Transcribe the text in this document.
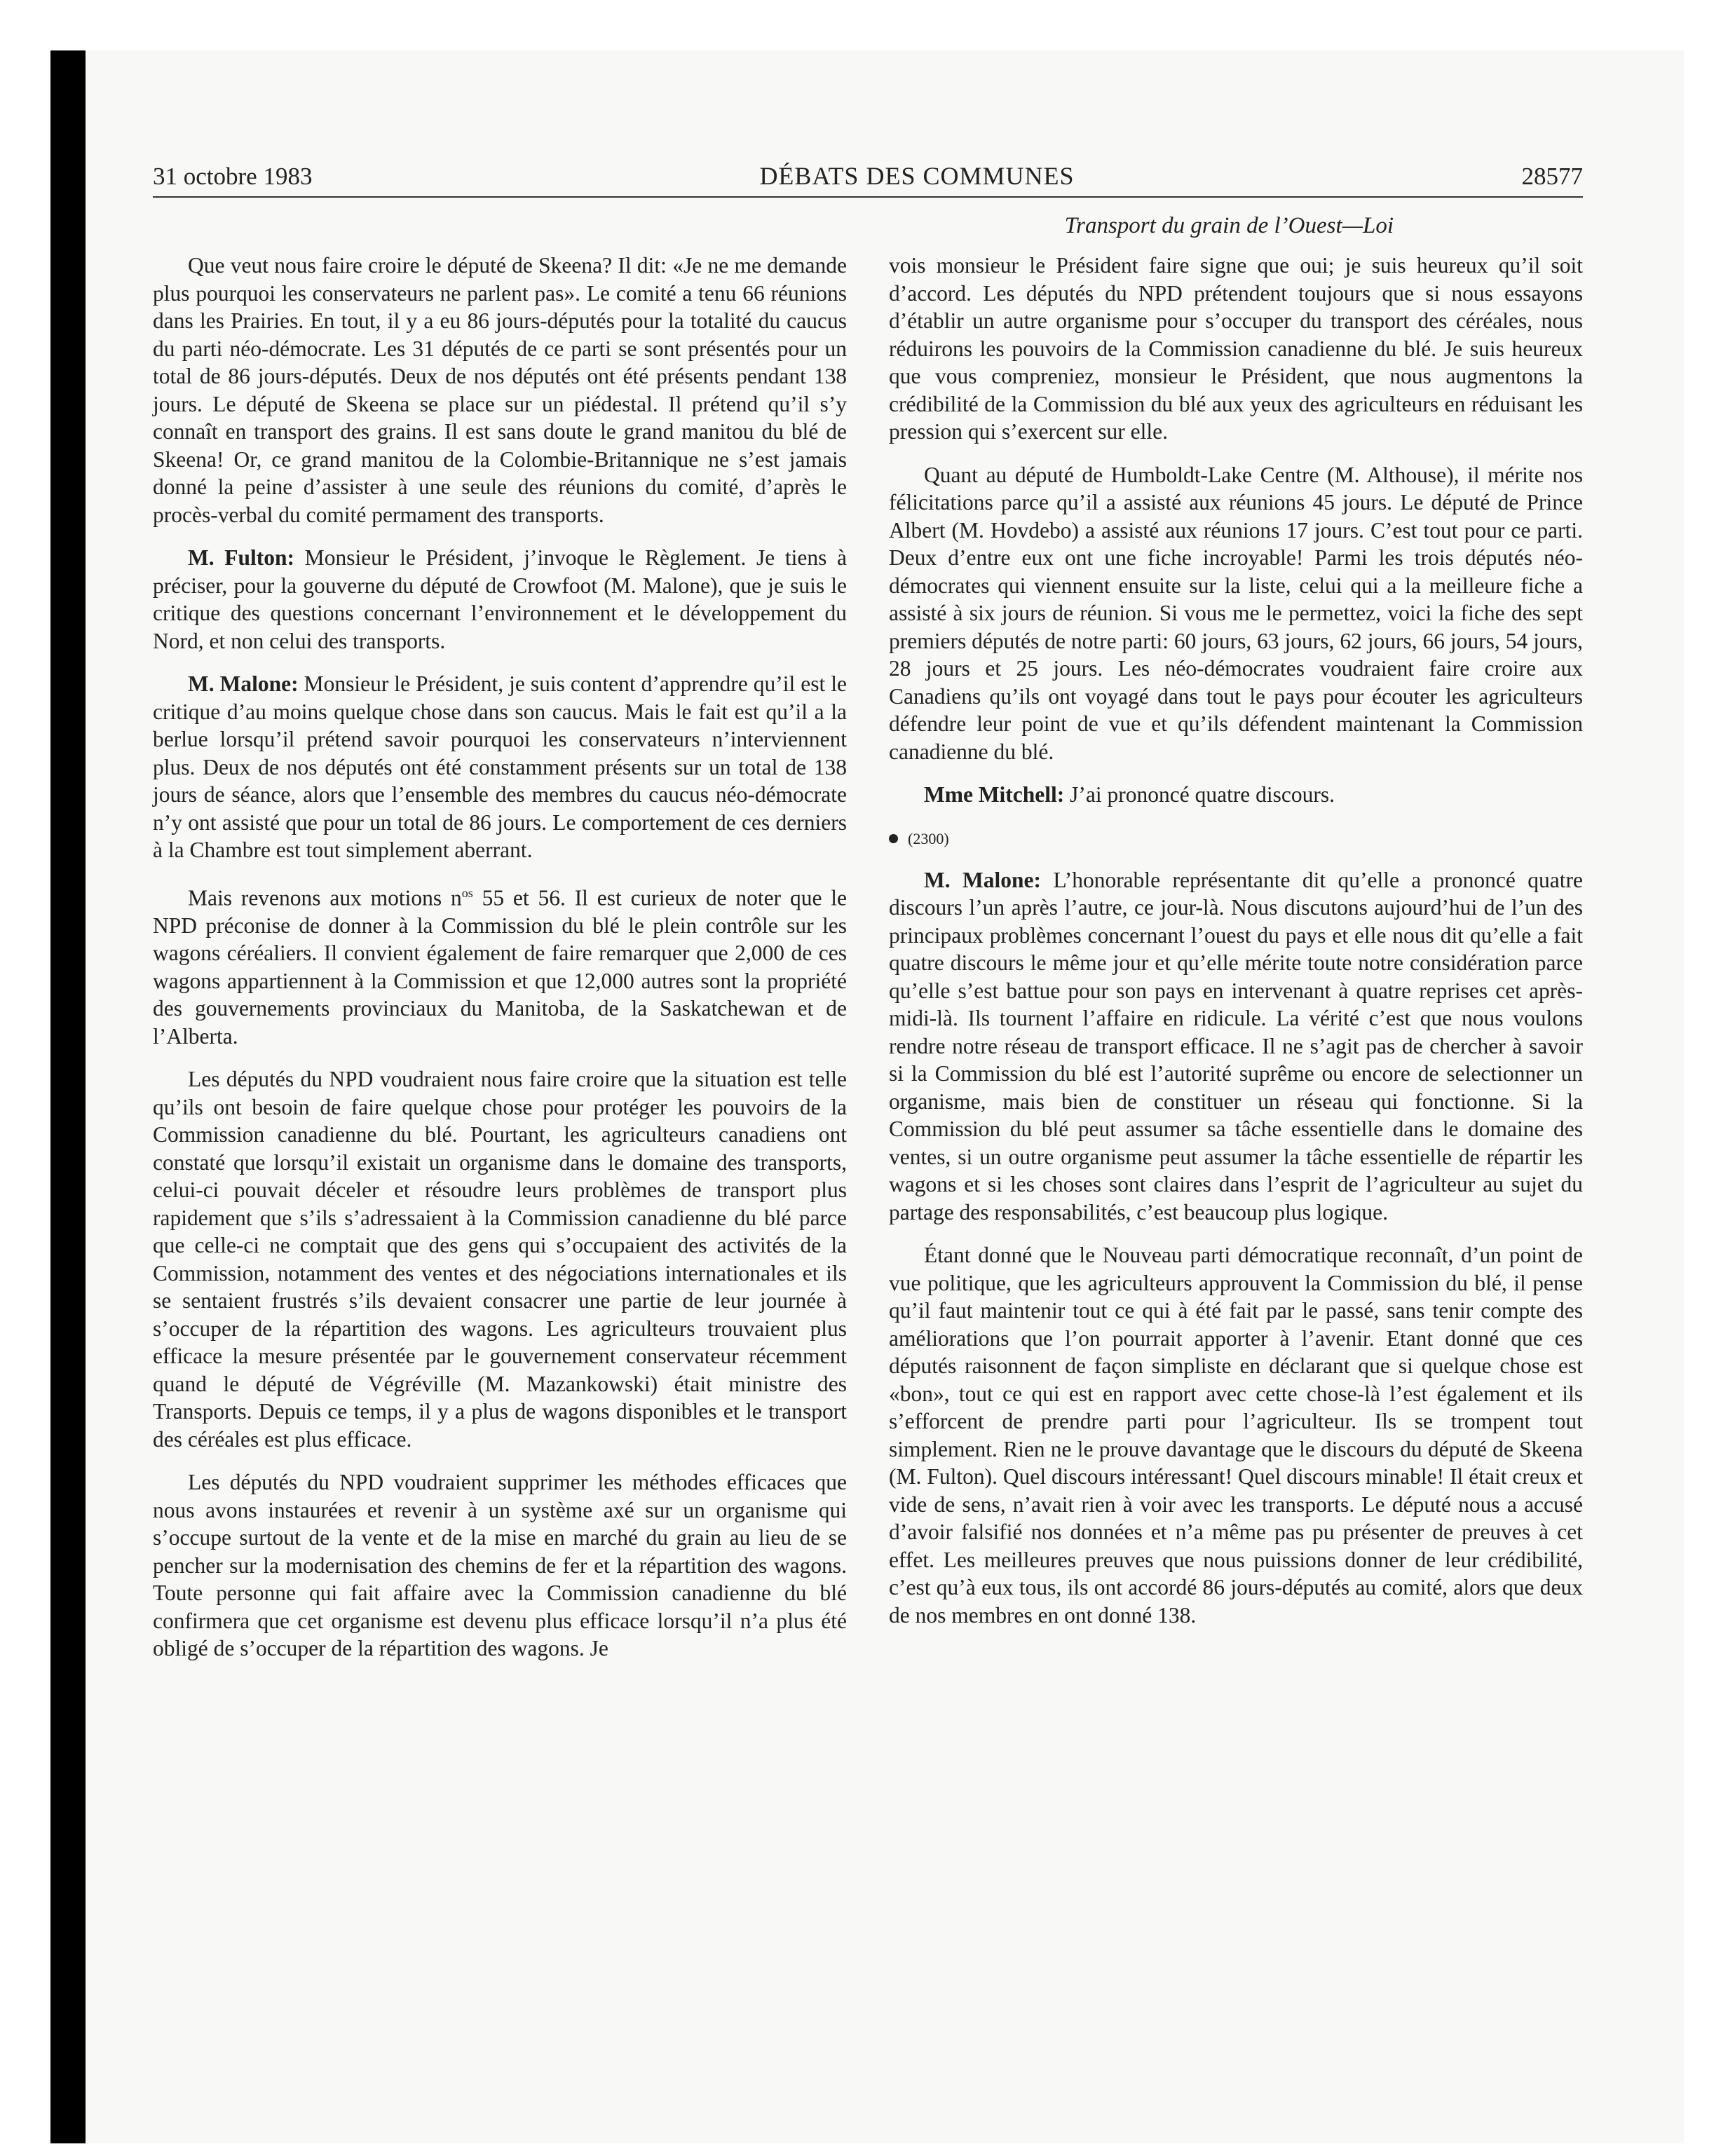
31 octobre 1983	DÉBATS DES COMMUNES	28577
Transport du grain de l’Ouest—Loi

Que veut nous faire croire le député de Skeena? Il dit: «Je ne me demande plus pourquoi les conservateurs ne parlent pas». Le comité a tenu 66 réunions dans les Prairies. En tout, il y a eu 86 jours-députés pour la totalité du caucus du parti néo-démocrate. Les 31 députés de ce parti se sont présentés pour un total de 86 jours-députés. Deux de nos députés ont été présents pendant 138 jours. Le député de Skeena se place sur un piédestal. Il prétend qu’il s’y connaît en transport des grains. Il est sans doute le grand manitou du blé de Skeena! Or, ce grand manitou de la Colombie-Britannique ne s’est jamais donné la peine d’assister à une seule des réunions du comité, d’après le procès-verbal du comité permament des transports.

M. Fulton: Monsieur le Président, j’invoque le Règlement. Je tiens à préciser, pour la gouverne du député de Crowfoot (M. Malone), que je suis le critique des questions concernant l’environnement et le développement du Nord, et non celui des transports.

M. Malone: Monsieur le Président, je suis content d’apprendre qu’il est le critique d’au moins quelque chose dans son caucus. Mais le fait est qu’il a la berlue lorsqu’il prétend savoir pourquoi les conservateurs n’interviennent plus. Deux de nos députés ont été constamment présents sur un total de 138 jours de séance, alors que l’ensemble des membres du caucus néo-démocrate n’y ont assisté que pour un total de 86 jours. Le comportement de ces derniers à la Chambre est tout simplement aberrant.

Mais revenons aux motions $n^{os}$ 55 et 56. Il est curieux de noter que le NPD préconise de donner à la Commission du blé le plein contrôle sur les wagons céréaliers. Il convient également de faire remarquer que 2,000 de ces wagons appartiennent à la Commission et que 12,000 autres sont la propriété des gouvernements provinciaux du Manitoba, de la Saskatchewan et de l’Alberta.

Les députés du NPD voudraient nous faire croire que la situation est telle qu’ils ont besoin de faire quelque chose pour protéger les pouvoirs de la Commission canadienne du blé. Pourtant, les agriculteurs canadiens ont constaté que lorsqu’il existait un organisme dans le domaine des transports, celui-ci pouvait déceler et résoudre leurs problèmes de transport plus rapidement que s’ils s’adressaient à la Commission canadienne du blé parce que celle-ci ne comptait que des gens qui s’occupaient des activités de la Commission, notamment des ventes et des négociations internationales et ils se sentaient frustrés s’ils devaient consacrer une partie de leur journée à s’occuper de la répartition des wagons. Les agriculteurs trouvaient plus efficace la mesure présentée par le gouvernement conservateur récemment quand le député de Végréville (M. Mazankowski) était ministre des Transports. Depuis ce temps, il y a plus de wagons disponibles et le transport des céréales est plus efficace.

Les députés du NPD voudraient supprimer les méthodes efficaces que nous avons instaurées et revenir à un système axé sur un organisme qui s’occupe surtout de la vente et de la mise en marché du grain au lieu de se pencher sur la modernisation des chemins de fer et la répartition des wagons. Toute personne qui fait affaire avec la Commission canadienne du blé confirmera que cet organisme est devenu plus efficace lorsqu’il n’a plus été obligé de s’occuper de la répartition des wagons. Je

vois monsieur le Président faire signe que oui; je suis heureux qu’il soit d’accord. Les députés du NPD prétendent toujours que si nous essayons d’établir un autre organisme pour s’occuper du transport des céréales, nous réduirons les pouvoirs de la Commission canadienne du blé. Je suis heureux que vous compreniez, monsieur le Président, que nous augmentons la crédibilité de la Commission du blé aux yeux des agriculteurs en réduisant les pression qui s’exercent sur elle.

Quant au député de Humboldt-Lake Centre (M. Althouse), il mérite nos félicitations parce qu’il a assisté aux réunions 45 jours. Le député de Prince Albert (M. Hovdebo) a assisté aux réunions 17 jours. C’est tout pour ce parti. Deux d’entre eux ont une fiche incroyable! Parmi les trois députés néo-démocrates qui viennent ensuite sur la liste, celui qui a la meilleure fiche a assisté à six jours de réunion. Si vous me le permettez, voici la fiche des sept premiers députés de notre parti: 60 jours, 63 jours, 62 jours, 66 jours, 54 jours, 28 jours et 25 jours. Les néo-démocrates voudraient faire croire aux Canadiens qu’ils ont voyagé dans tout le pays pour écouter les agriculteurs défendre leur point de vue et qu’ils défendent maintenant la Commission canadienne du blé.

Mme Mitchell: J’ai prononcé quatre discours.

(2300)

M. Malone: L’honorable représentante dit qu’elle a prononcé quatre discours l’un après l’autre, ce jour-là. Nous discutons aujourd’hui de l’un des principaux problèmes concernant l’ouest du pays et elle nous dit qu’elle a fait quatre discours le même jour et qu’elle mérite toute notre considération parce qu’elle s’est battue pour son pays en intervenant à quatre reprises cet après-midi-là. Ils tournent l’affaire en ridicule. La vérité c’est que nous voulons rendre notre réseau de transport efficace. Il ne s’agit pas de chercher à savoir si la Commission du blé est l’autorité suprême ou encore de selectionner un organisme, mais bien de constituer un réseau qui fonctionne. Si la Commission du blé peut assumer sa tâche essentielle dans le domaine des ventes, si un outre organisme peut assumer la tâche essentielle de répartir les wagons et si les choses sont claires dans l’esprit de l’agriculteur au sujet du partage des responsabilités, c’est beaucoup plus logique.

Étant donné que le Nouveau parti démocratique reconnaît, d’un point de vue politique, que les agriculteurs approuvent la Commission du blé, il pense qu’il faut maintenir tout ce qui à été fait par le passé, sans tenir compte des améliorations que l’on pourrait apporter à l’avenir. Etant donné que ces députés raisonnent de façon simpliste en déclarant que si quelque chose est «bon», tout ce qui est en rapport avec cette chose-là l’est également et ils s’efforcent de prendre parti pour l’agriculteur. Ils se trompent tout simplement. Rien ne le prouve davantage que le discours du député de Skeena (M. Fulton). Quel discours intéressant! Quel discours minable! Il était creux et vide de sens, n’avait rien à voir avec les transports. Le député nous a accusé d’avoir falsifié nos données et n’a même pas pu présenter de preuves à cet effet. Les meilleures preuves que nous puissions donner de leur crédibilité, c’est qu’à eux tous, ils ont accordé 86 jours-députés au comité, alors que deux de nos membres en ont donné 138.
